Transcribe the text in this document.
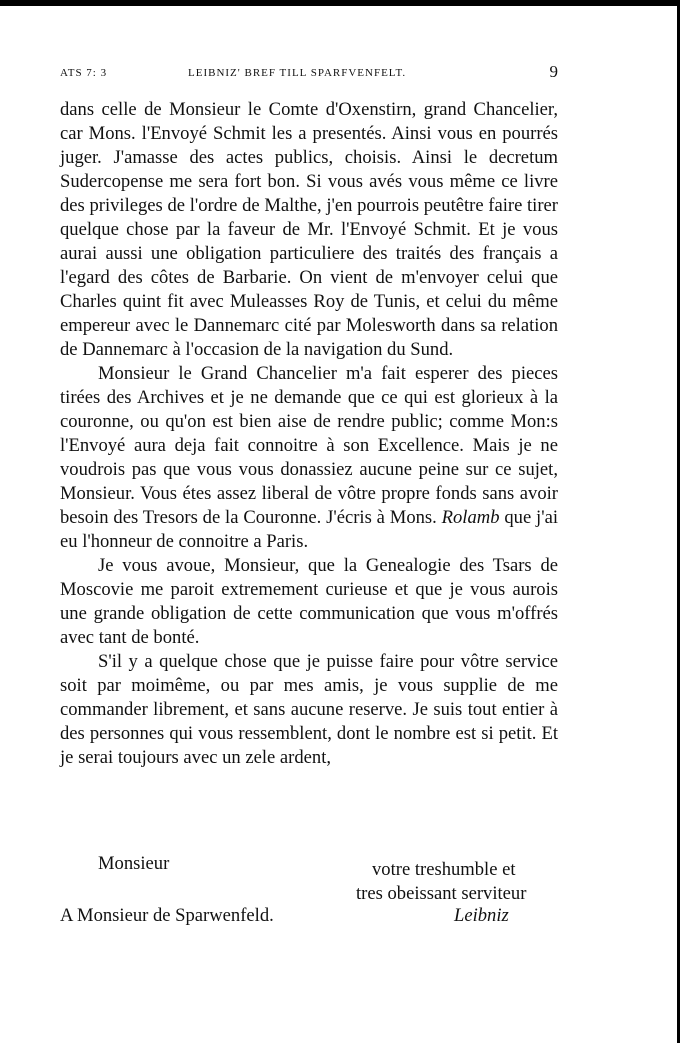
ATS 7: 3	LEIBNIZ' BREF TILL SPARFVENFELT.	9

dans celle de Monsieur le Comte d'Oxenstirn, grand Chancelier, car Mons. l'Envoyé Schmit les a presentés. Ainsi vous en pourrés juger. J'amasse des actes publics, choisis. Ainsi le decretum Sudercopense me sera fort bon. Si vous avés vous même ce livre des privileges de l'ordre de Malthe, j'en pourrois peutêtre faire tirer quelque chose par la faveur de Mr. l'Envoyé Schmit. Et je vous aurai aussi une obligation particuliere des traités des français a l'egard des côtes de Barbarie. On vient de m'envoyer celui que Charles quint fit avec Muleasses Roy de Tunis, et celui du même empereur avec le Dannemarc cité par Molesworth dans sa relation de Dannemarc à l'occasion de la navigation du Sund.

Monsieur le Grand Chancelier m'a fait esperer des pieces tirées des Archives et je ne demande que ce qui est glorieux à la couronne, ou qu'on est bien aise de rendre public; comme Mon:s l'Envoyé aura deja fait connoitre à son Excellence. Mais je ne voudrois pas que vous vous donassiez aucune peine sur ce sujet, Monsieur. Vous étes assez liberal de vôtre propre fonds sans avoir besoin des Tresors de la Couronne. J'écris à Mons. Rolamb que j'ai eu l'honneur de connoitre a Paris.

Je vous avoue, Monsieur, que la Genealogie des Tsars de Moscovie me paroit extremement curieuse et que je vous aurois une grande obligation de cette communication que vous m'offrés avec tant de bonté.

S'il y a quelque chose que je puisse faire pour vôtre service soit par moimême, ou par mes amis, je vous supplie de me commander librement, et sans aucune reserve. Je suis tout entier à des personnes qui vous ressemblent, dont le nombre est si petit. Et je serai toujours avec un zele ardent,

Monsieur	votre treshumble et
tres obeissant serviteur
A Monsieur de Sparwenfeld.	Leibniz
